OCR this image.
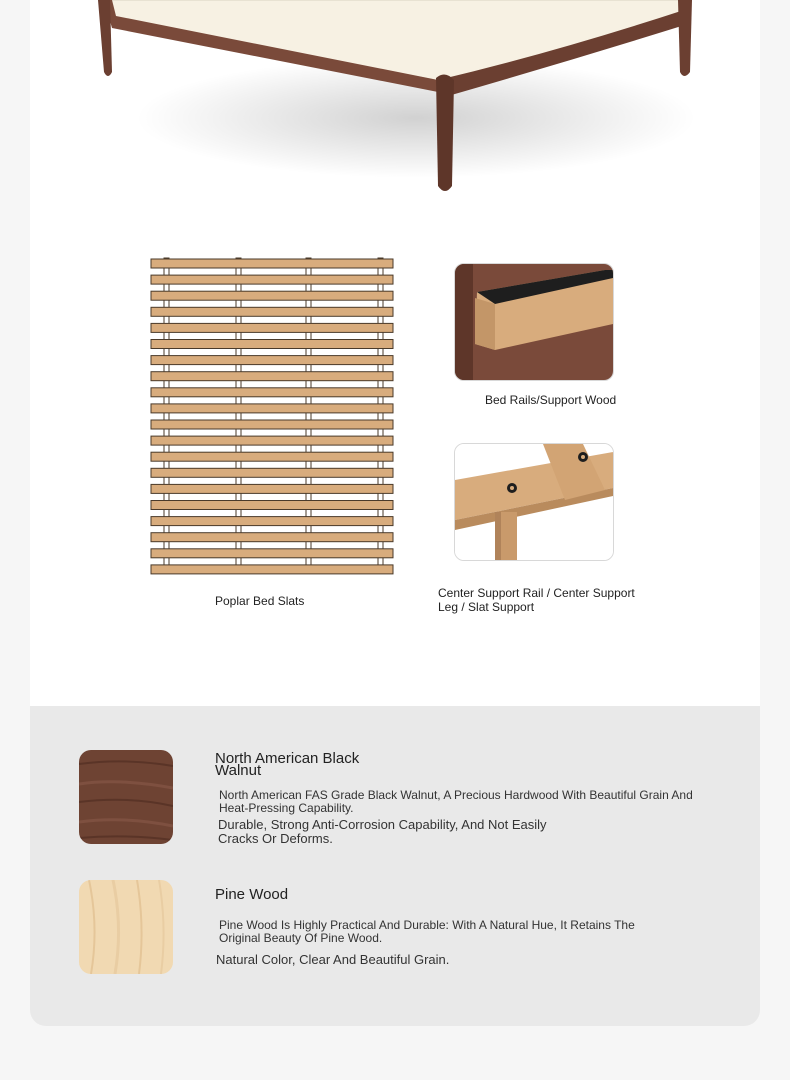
Poplar Bed Slats
Bed Rails/Support Wood
Center Support Rail / Center Support Leg / Slat Support
North American Black Walnut
North American FAS Grade Black Walnut, A Precious Hardwood With Beautiful Grain And Heat-Pressing Capability.
Durable, Strong Anti-Corrosion Capability, And Not Easily Cracks Or Deforms.
Pine Wood
Pine Wood Is Highly Practical And Durable: With A Natural Hue, It Retains The Original Beauty Of Pine Wood.
Natural Color, Clear And Beautiful Grain.
